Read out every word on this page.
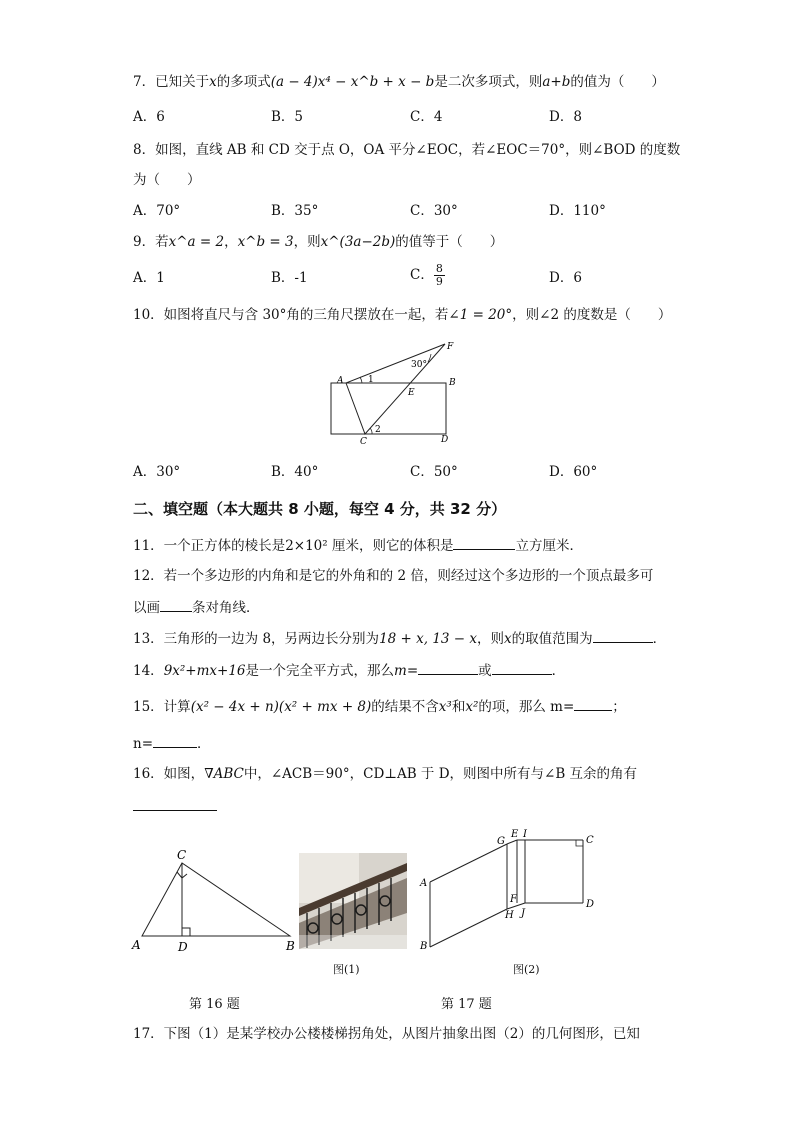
7．已知关于x的多项式(a − 4)x⁴ − x^b + x − b是二次多项式，则a+b的值为（　　）
A．6	B．5	C．4	D．8
8．如图，直线 AB 和 CD 交于点 O，OA 平分∠EOC，若∠EOC＝70°，则∠BOD 的度数
为（　　）
A．70°	B．35°	C．30°	D．110°
9．若x^a = 2，x^b = 3，则x^(3a−2b)的值等于（　　）
A．1	B．-1	C． $\frac{8}{9}$	D．6
10．如图将直尺与含 30°角的三角尺摆放在一起，若∠1 = 20°，则∠2 的度数是（　　）
A	1
30°
F
B
E
C
2
D
A．30°	B．40°	C．50°	D．60°
二、填空题（本大题共 8 小题，每空 4 分，共 32 分）
11．一个正方体的棱长是2×10² 厘米，则它的体积是	立方厘米．
12．若一个多边形的内角和是它的外角和的 2 倍，则经过这个多边形的一个顶点最多可
以画 条对角线．
13．三角形的一边为 8，另两边长分别为18 + x, 13 − x，则x的取值范围为	．
14．9x²+mx+16是一个完全平方式，那么m=	或	．
15．计算(x² − 4x + n)(x² + mx + 8)的结果不含x³和x²的项，那么 m=	；
n=	．
16．如图，∇ABC中，∠ACB＝90°，CD⊥AB 于 D，则图中所有与∠B 互余的角有
C
A	D	B
图(1)
E I
G	C
A
F
H J
D
B
图(2)
第 16 题	第 17 题
17．下图（1）是某学校办公楼楼梯拐角处，从图片抽象出图（2）的几何图形，已知
